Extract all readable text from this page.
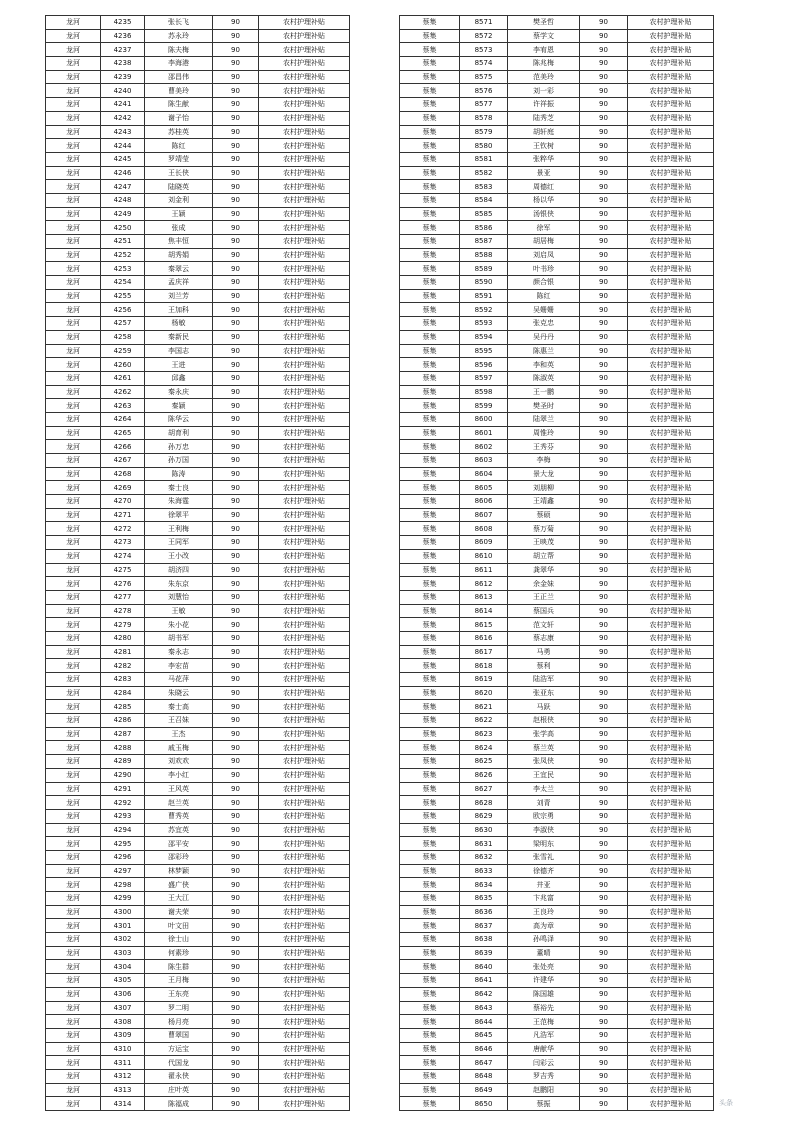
龙河	4235	张长飞	90	农村护理补贴
龙河	4236	苏永玲	90	农村护理补贴
龙河	4237	陈夫梅	90	农村护理补贴
龙河	4238	李海港	90	农村护理补贴
龙河	4239	邵昌伟	90	农村护理补贴
龙河	4240	曹美玲	90	农村护理补贴
龙河	4241	陈生献	90	农村护理补贴
龙河	4242	谢子怡	90	农村护理补贴
龙河	4243	苏桂英	90	农村护理补贴
龙河	4244	陈红	90	农村护理补贴
龙河	4245	罗靖莹	90	农村护理补贴
龙河	4246	王长侠	90	农村护理补贴
龙河	4247	陆晓英	90	农村护理补贴
龙河	4248	刘金利	90	农村护理补贴
龙河	4249	王颖	90	农村护理补贴
龙河	4250	张成	90	农村护理补贴
龙河	4251	焦丰恒	90	农村护理补贴
龙河	4252	胡秀娟	90	农村护理补贴
龙河	4253	秦翠云	90	农村护理补贴
龙河	4254	孟庆祥	90	农村护理补贴
龙河	4255	刘兰芳	90	农村护理补贴
龙河	4256	王加科	90	农村护理补贴
龙河	4257	杨敏	90	农村护理补贴
龙河	4258	秦新民	90	农村护理补贴
龙河	4259	李国志	90	农村护理补贴
龙河	4260	王进	90	农村护理补贴
龙河	4261	邱鑫	90	农村护理补贴
龙河	4262	秦永庆	90	农村护理补贴
龙河	4263	秦颖	90	农村护理补贴
龙河	4264	陈华云	90	农村护理补贴
龙河	4265	胡育利	90	农村护理补贴
龙河	4266	孙万忠	90	农村护理补贴
龙河	4267	孙万国	90	农村护理补贴
龙河	4268	陈涛	90	农村护理补贴
龙河	4269	秦士良	90	农村护理补贴
龙河	4270	朱海霆	90	农村护理补贴
龙河	4271	徐翠平	90	农村护理补贴
龙河	4272	王利梅	90	农村护理补贴
龙河	4273	王同军	90	农村护理补贴
龙河	4274	王小改	90	农村护理补贴
龙河	4275	胡济四	90	农村护理补贴
龙河	4276	朱东京	90	农村护理补贴
龙河	4277	刘慧怡	90	农村护理补贴
龙河	4278	王敏	90	农村护理补贴
龙河	4279	朱小花	90	农村护理补贴
龙河	4280	胡书军	90	农村护理补贴
龙河	4281	秦永志	90	农村护理补贴
龙河	4282	李宏苗	90	农村护理补贴
龙河	4283	马花萍	90	农村护理补贴
龙河	4284	朱晓云	90	农村护理补贴
龙河	4285	秦士高	90	农村护理补贴
龙河	4286	王召妹	90	农村护理补贴
龙河	4287	王杰	90	农村护理补贴
龙河	4288	戚玉梅	90	农村护理补贴
龙河	4289	刘欢欢	90	农村护理补贴
龙河	4290	李小红	90	农村护理补贴
龙河	4291	王风英	90	农村护理补贴
龙河	4292	赵兰英	90	农村护理补贴
龙河	4293	曹秀英	90	农村护理补贴
龙河	4294	苏宜英	90	农村护理补贴
龙河	4295	邵平安	90	农村护理补贴
龙河	4296	邵彩玲	90	农村护理补贴
龙河	4297	林梦颖	90	农村护理补贴
龙河	4298	盛广侠	90	农村护理补贴
龙河	4299	王大江	90	农村护理补贴
龙河	4300	谢夫荣	90	农村护理补贴
龙河	4301	叶文田	90	农村护理补贴
龙河	4302	徐士山	90	农村护理补贴
龙河	4303	何素珍	90	农村护理补贴
龙河	4304	陈生群	90	农村护理补贴
龙河	4305	王月梅	90	农村护理补贴
龙河	4306	王东亮	90	农村护理补贴
龙河	4307	罗二明	90	农村护理补贴
龙河	4308	杨月亮	90	农村护理补贴
龙河	4309	曹翠国	90	农村护理补贴
龙河	4310	方运宝	90	农村护理补贴
龙河	4311	代国龙	90	农村护理补贴
龙河	4312	翟永侠	90	农村护理补贴
龙河	4313	庄叶英	90	农村护理补贴
龙河	4314	陈福成	90	农村护理补贴
蔡集	8571	樊圣哲	90	农村护理补贴
蔡集	8572	蔡学文	90	农村护理补贴
蔡集	8573	李宥恩	90	农村护理补贴
蔡集	8574	陈兆梅	90	农村护理补贴
蔡集	8575	范美玲	90	农村护理补贴
蔡集	8576	刘一彩	90	农村护理补贴
蔡集	8577	许祥振	90	农村护理补贴
蔡集	8578	陆秀芝	90	农村护理补贴
蔡集	8579	胡轩庭	90	农村护理补贴
蔡集	8580	王钦树	90	农村护理补贴
蔡集	8581	张粹华	90	农村护理补贴
蔡集	8582	景亚	90	农村护理补贴
蔡集	8583	周德红	90	农村护理补贴
蔡集	8584	杨以华	90	农村护理补贴
蔡集	8585	汤银侠	90	农村护理补贴
蔡集	8586	徐军	90	农村护理补贴
蔡集	8587	胡居梅	90	农村护理补贴
蔡集	8588	刘启凤	90	农村护理补贴
蔡集	8589	叶书珍	90	农村护理补贴
蔡集	8590	颜合银	90	农村护理补贴
蔡集	8591	陈红	90	农村护理补贴
蔡集	8592	吴姗姗	90	农村护理补贴
蔡集	8593	张克忠	90	农村护理补贴
蔡集	8594	吴丹丹	90	农村护理补贴
蔡集	8595	陈惠兰	90	农村护理补贴
蔡集	8596	李和英	90	农村护理补贴
蔡集	8597	陈淑英	90	农村护理补贴
蔡集	8598	王一鹏	90	农村护理补贴
蔡集	8599	樊圣时	90	农村护理补贴
蔡集	8600	陆翠兰	90	农村护理补贴
蔡集	8601	周惟玲	90	农村护理补贴
蔡集	8602	王秀芬	90	农村护理补贴
蔡集	8603	李梅	90	农村护理补贴
蔡集	8604	景大龙	90	农村护理补贴
蔡集	8605	刘朋柳	90	农村护理补贴
蔡集	8606	王靖鑫	90	农村护理补贴
蔡集	8607	蔡硕	90	农村护理补贴
蔡集	8608	蔡万菊	90	农村护理补贴
蔡集	8609	王映茂	90	农村护理补贴
蔡集	8610	胡立帮	90	农村护理补贴
蔡集	8611	龚翠华	90	农村护理补贴
蔡集	8612	余金妹	90	农村护理补贴
蔡集	8613	王正兰	90	农村护理补贴
蔡集	8614	蔡国兵	90	农村护理补贴
蔡集	8615	范文轩	90	农村护理补贴
蔡集	8616	蔡志康	90	农村护理补贴
蔡集	8617	马勇	90	农村护理补贴
蔡集	8618	蔡利	90	农村护理补贴
蔡集	8619	陆浩军	90	农村护理补贴
蔡集	8620	张亚东	90	农村护理补贴
蔡集	8621	马跃	90	农村护理补贴
蔡集	8622	赵根侠	90	农村护理补贴
蔡集	8623	张学高	90	农村护理补贴
蔡集	8624	蔡兰英	90	农村护理补贴
蔡集	8625	张凤侠	90	农村护理补贴
蔡集	8626	王宜民	90	农村护理补贴
蔡集	8627	李太兰	90	农村护理补贴
蔡集	8628	刘青	90	农村护理补贴
蔡集	8629	欧宗勇	90	农村护理补贴
蔡集	8630	李淑侠	90	农村护理补贴
蔡集	8631	梁明东	90	农村护理补贴
蔡集	8632	张雪礼	90	农村护理补贴
蔡集	8633	徐德齐	90	农村护理补贴
蔡集	8634	井亚	90	农村护理补贴
蔡集	8635	卞兆富	90	农村护理补贴
蔡集	8636	王良玲	90	农村护理补贴
蔡集	8637	高为章	90	农村护理补贴
蔡集	8638	孙鸣泽	90	农村护理补贴
蔡集	8639	董晴	90	农村护理补贴
蔡集	8640	张处亮	90	农村护理补贴
蔡集	8641	许建华	90	农村护理补贴
蔡集	8642	陈国雄	90	农村护理补贴
蔡集	8643	蔡裕先	90	农村护理补贴
蔡集	8644	王范梅	90	农村护理补贴
蔡集	8645	凡浩军	90	农村护理补贴
蔡集	8646	唐献华	90	农村护理补贴
蔡集	8647	闫彩云	90	农村护理补贴
蔡集	8648	罗吉秀	90	农村护理补贴
蔡集	8649	赵鹏阳	90	农村护理补贴
蔡集	8650	蔡振	90	农村护理补贴	头条
